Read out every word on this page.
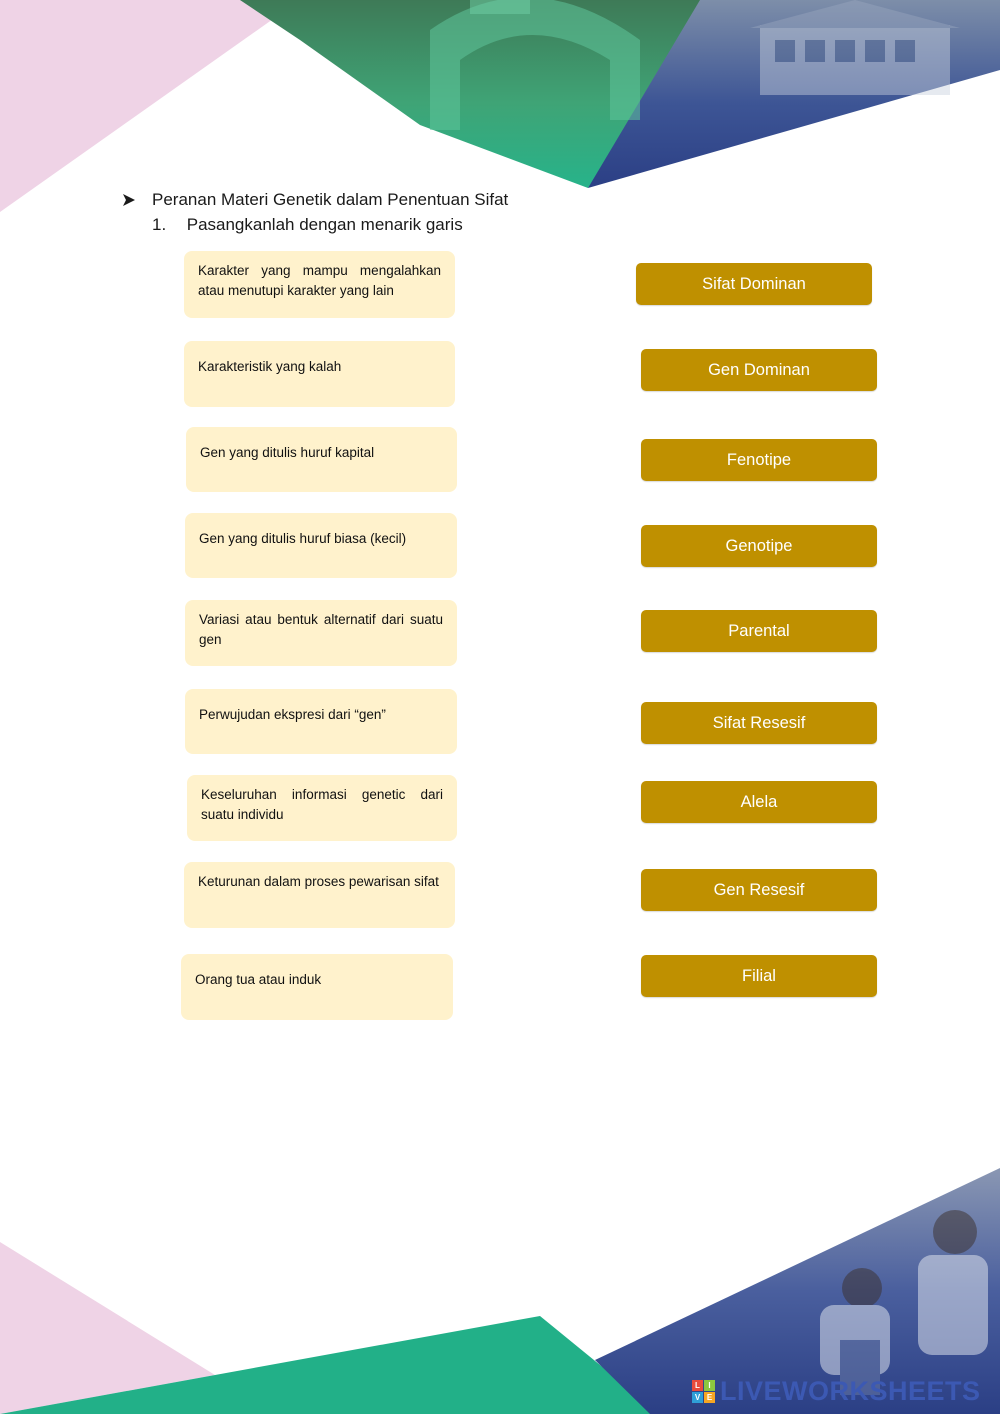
Peranan Materi Genetik dalam Penentuan Sifat
1. Pasangkanlah dengan menarik garis
Karakter yang mampu mengalahkan atau menutupi karakter yang lain
Karakteristik yang kalah
Gen yang ditulis huruf kapital
Gen yang ditulis huruf biasa (kecil)
Variasi atau bentuk alternatif dari suatu gen
Perwujudan ekspresi dari “gen”
Keseluruhan informasi genetic dari suatu individu
Keturunan dalam proses pewarisan sifat
Orang tua atau induk
Sifat Dominan
Gen Dominan
Fenotipe
Genotipe
Parental
Sifat Resesif
Alela
Gen Resesif
Filial
L	I
V E LIVEWORKSHEETS
